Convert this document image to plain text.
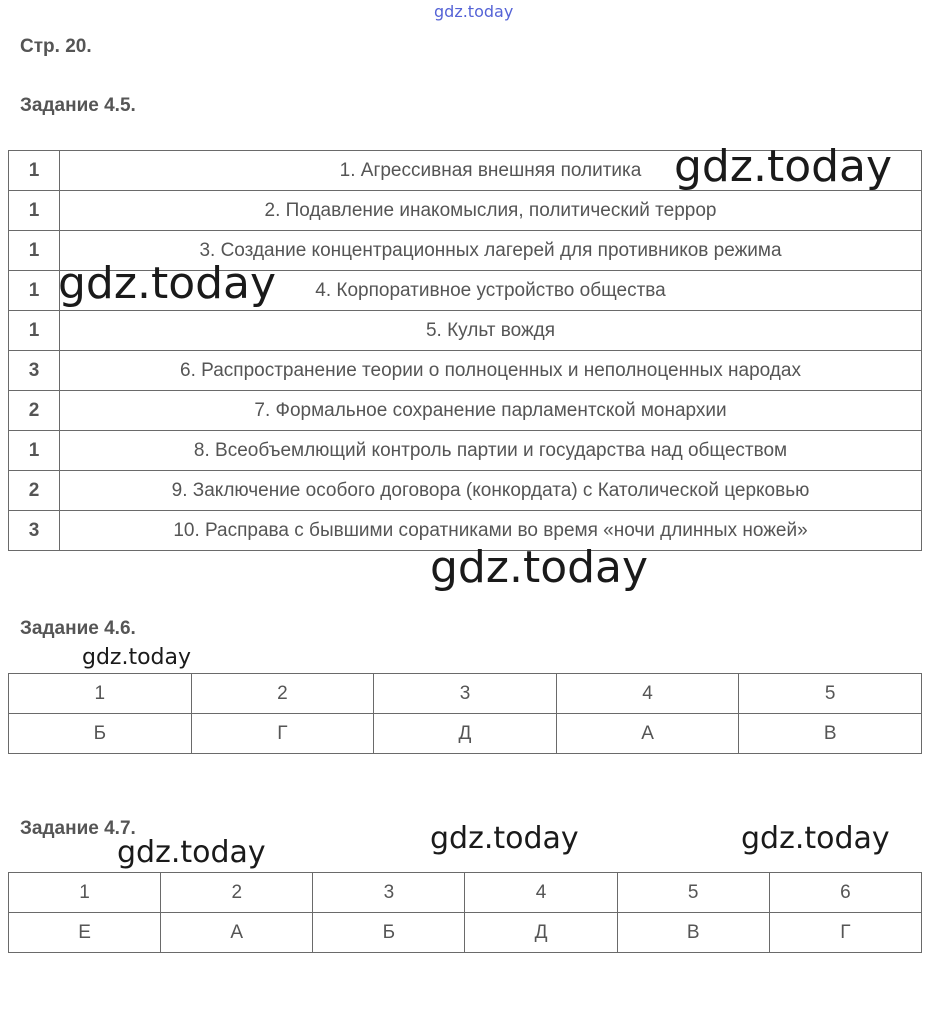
gdz.today
Стр. 20.
Задание 4.5.
1	1. Агрессивная внешняя политика
1	2. Подавление инакомыслия, политический террор
1	3. Создание концентрационных лагерей для противников режима
1	4. Корпоративное устройство общества
1	5. Культ вождя
3	6. Распространение теории о полноценных и неполноценных народах
2	7. Формальное сохранение парламентской монархии
1	8. Всеобъемлющий контроль партии и государства над обществом
2	9. Заключение особого договора (конкордата) с Католической церковью
3	10. Расправа с бывшими соратниками во время «ночи длинных ножей»
Задание 4.6.
1	2	3	4	5
Б	Г	Д	А	В
Задание 4.7.
1	2	3	4	5	6
Е	А	Б	Д	В	Г
gdz.today
gdz.today
gdz.today
gdz.today
gdz.today	gdz.today	gdz.today
